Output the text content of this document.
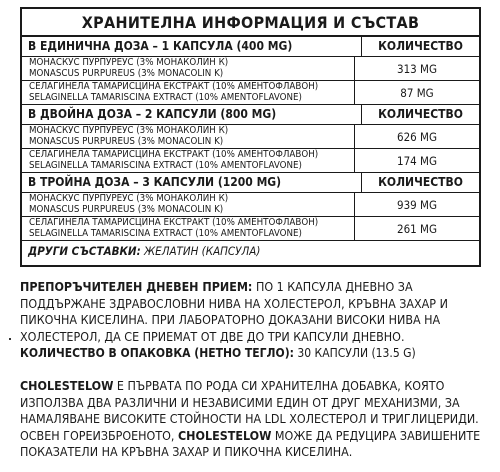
ХРАНИТЕЛНА ИНФОРМАЦИЯ И СЪСТАВ
В ЕДИНИЧНА ДОЗА – 1 КАПСУЛА (400 MG)	КОЛИЧЕСТВО
МОНАСКУС ПУРПУРЕУС (3% МОНАКОЛИН К)
MONASCUS PURPUREUS (3% MONACOLIN K)	313 MG
СЕЛАГИНЕЛА ТАМАРИСЦИНА ЕКСТРАКТ (10% АМЕНТОФЛАВОН)
SELAGINELLA TAMARISCINA EXTRACT (10% AMENTOFLAVONE)	87 MG
В ДВОЙНА ДОЗА – 2 КАПСУЛИ (800 MG)	КОЛИЧЕСТВО
МОНАСКУС ПУРПУРЕУС (3% МОНАКОЛИН К)
MONASCUS PURPUREUS (3% MONACOLIN K)	626 MG
СЕЛАГИНЕЛА ТАМАРИСЦИНА ЕКСТРАКТ (10% АМЕНТОФЛАВОН)
SELAGINELLA TAMARISCINA EXTRACT (10% AMENTOFLAVONE)	174 MG
В ТРОЙНА ДОЗА – 3 КАПСУЛИ (1200 MG)	КОЛИЧЕСТВО
МОНАСКУС ПУРПУРЕУС (3% МОНАКОЛИН К)
MONASCUS PURPUREUS (3% MONACOLIN K)	939 MG
СЕЛАГИНЕЛА ТАМАРИСЦИНА ЕКСТРАКТ (10% АМЕНТОФЛАВОН)
SELAGINELLA TAMARISCINA EXTRACT (10% AMENTOFLAVONE)	261 MG
ДРУГИ СЪСТАВКИ: ЖЕЛАТИН (КАПСУЛА)
ПРЕПОРЪЧИТЕЛЕН ДНЕВЕН ПРИЕМ: ПО 1 КАПСУЛА ДНЕВНО ЗА ПОДДЪРЖАНЕ ЗДРАВОСЛОВНИ НИВА НА ХОЛЕСТЕРОЛ, КРЪВНА ЗАХАР И ПИКОЧНА КИСЕЛИНА. ПРИ ЛАБОРАТОРНО ДОКАЗАНИ ВИСОКИ НИВА НА ХОЛЕСТЕРОЛ, ДА СЕ ПРИЕМАТ ОТ ДВЕ ДО ТРИ КАПСУЛИ ДНЕВНО.
КОЛИЧЕСТВО В ОПАКОВКА (НЕТНО ТЕГЛО): 30 КАПСУЛИ (13.5 G)
CHOLESTELOW Е ПЪРВАТА ПО РОДА СИ ХРАНИТЕЛНА ДОБАВКА, КОЯТО ИЗПОЛЗВА ДВА РАЗЛИЧНИ И НЕЗАВИСИМИ ЕДИН ОТ ДРУГ МЕХАНИЗМИ, ЗА НАМАЛЯВАНЕ ВИСОКИТЕ СТОЙНОСТИ НА LDL ХОЛЕСТЕРОЛ И ТРИГЛИЦЕРИДИ. ОСВЕН ГОРЕИЗБРОЕНОТО, CHOLESTELOW МОЖЕ ДА РЕДУЦИРА ЗАВИШЕНИТЕ ПОКАЗАТЕЛИ НА КРЪВНА ЗАХАР И ПИКОЧНА КИСЕЛИНА.
